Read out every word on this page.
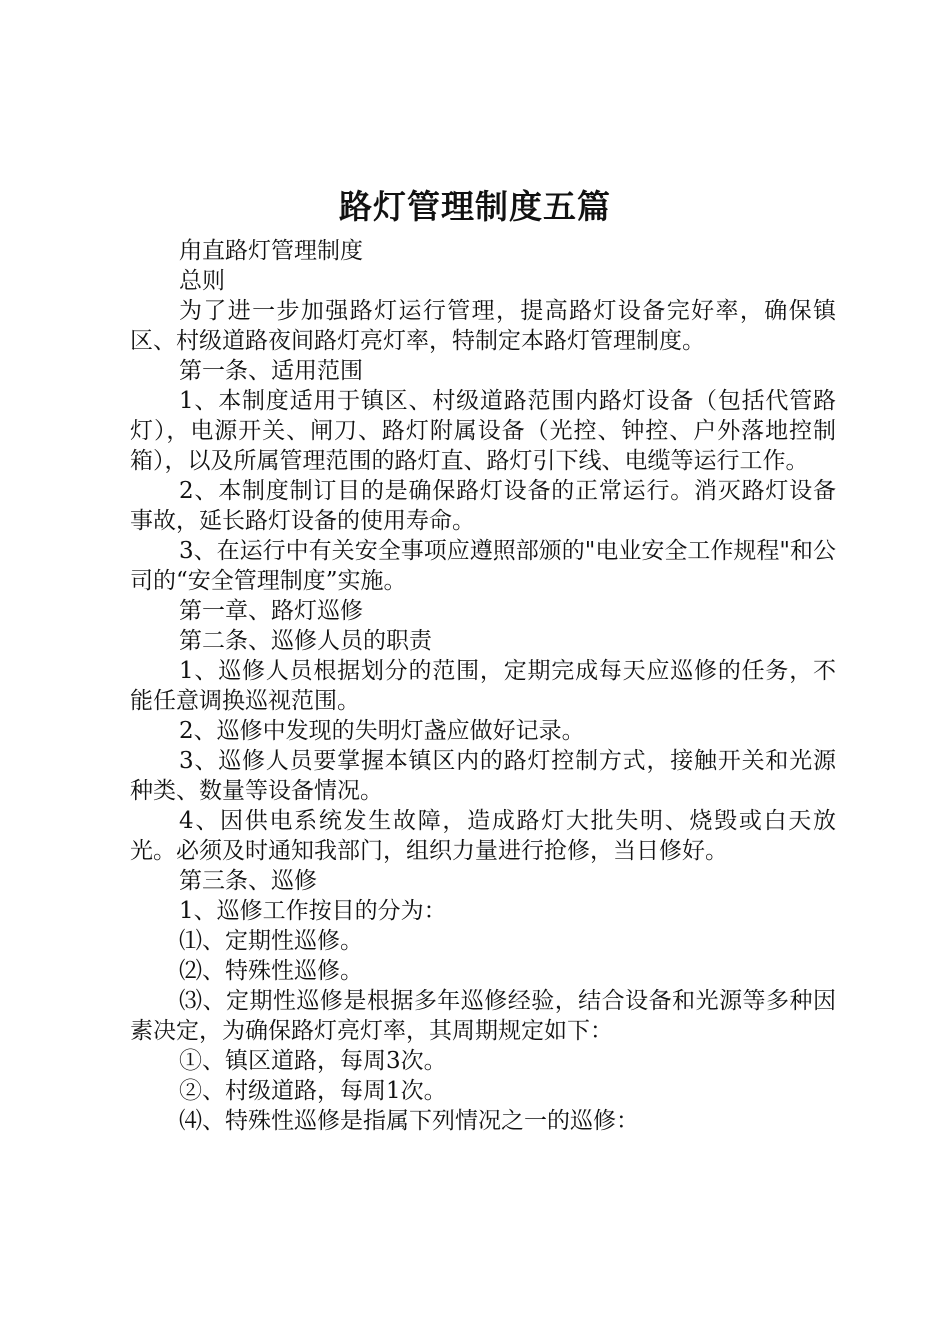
路灯管理制度五篇

甪直路灯管理制度

总则

为了进一步加强路灯运行管理，提高路灯设备完好率，确保镇区、村级道路夜间路灯亮灯率，特制定本路灯管理制度。

第一条、适用范围

1、本制度适用于镇区、村级道路范围内路灯设备（包括代管路灯），电源开关、闸刀、路灯附属设备（光控、钟控、户外落地控制箱），以及所属管理范围的路灯直、路灯引下线、电缆等运行工作。

2、本制度制订目的是确保路灯设备的正常运行。消灭路灯设备事故，延长路灯设备的使用寿命。

3、在运行中有关安全事项应遵照部颁的"电业安全工作规程"和公司的“安全管理制度”实施。

第一章、路灯巡修

第二条、巡修人员的职责

1、巡修人员根据划分的范围，定期完成每天应巡修的任务，不能任意调换巡视范围。

2、巡修中发现的失明灯盏应做好记录。

3、巡修人员要掌握本镇区内的路灯控制方式，接触开关和光源种类、数量等设备情况。

4、因供电系统发生故障，造成路灯大批失明、烧毁或白天放光。必须及时通知我部门，组织力量进行抢修，当日修好。

第三条、巡修

1、巡修工作按目的分为：

⑴、定期性巡修。

⑵、特殊性巡修。

⑶、定期性巡修是根据多年巡修经验，结合设备和光源等多种因素决定，为确保路灯亮灯率，其周期规定如下：

①、镇区道路，每周3次。

②、村级道路，每周1次。

⑷、特殊性巡修是指属下列情况之一的巡修：
